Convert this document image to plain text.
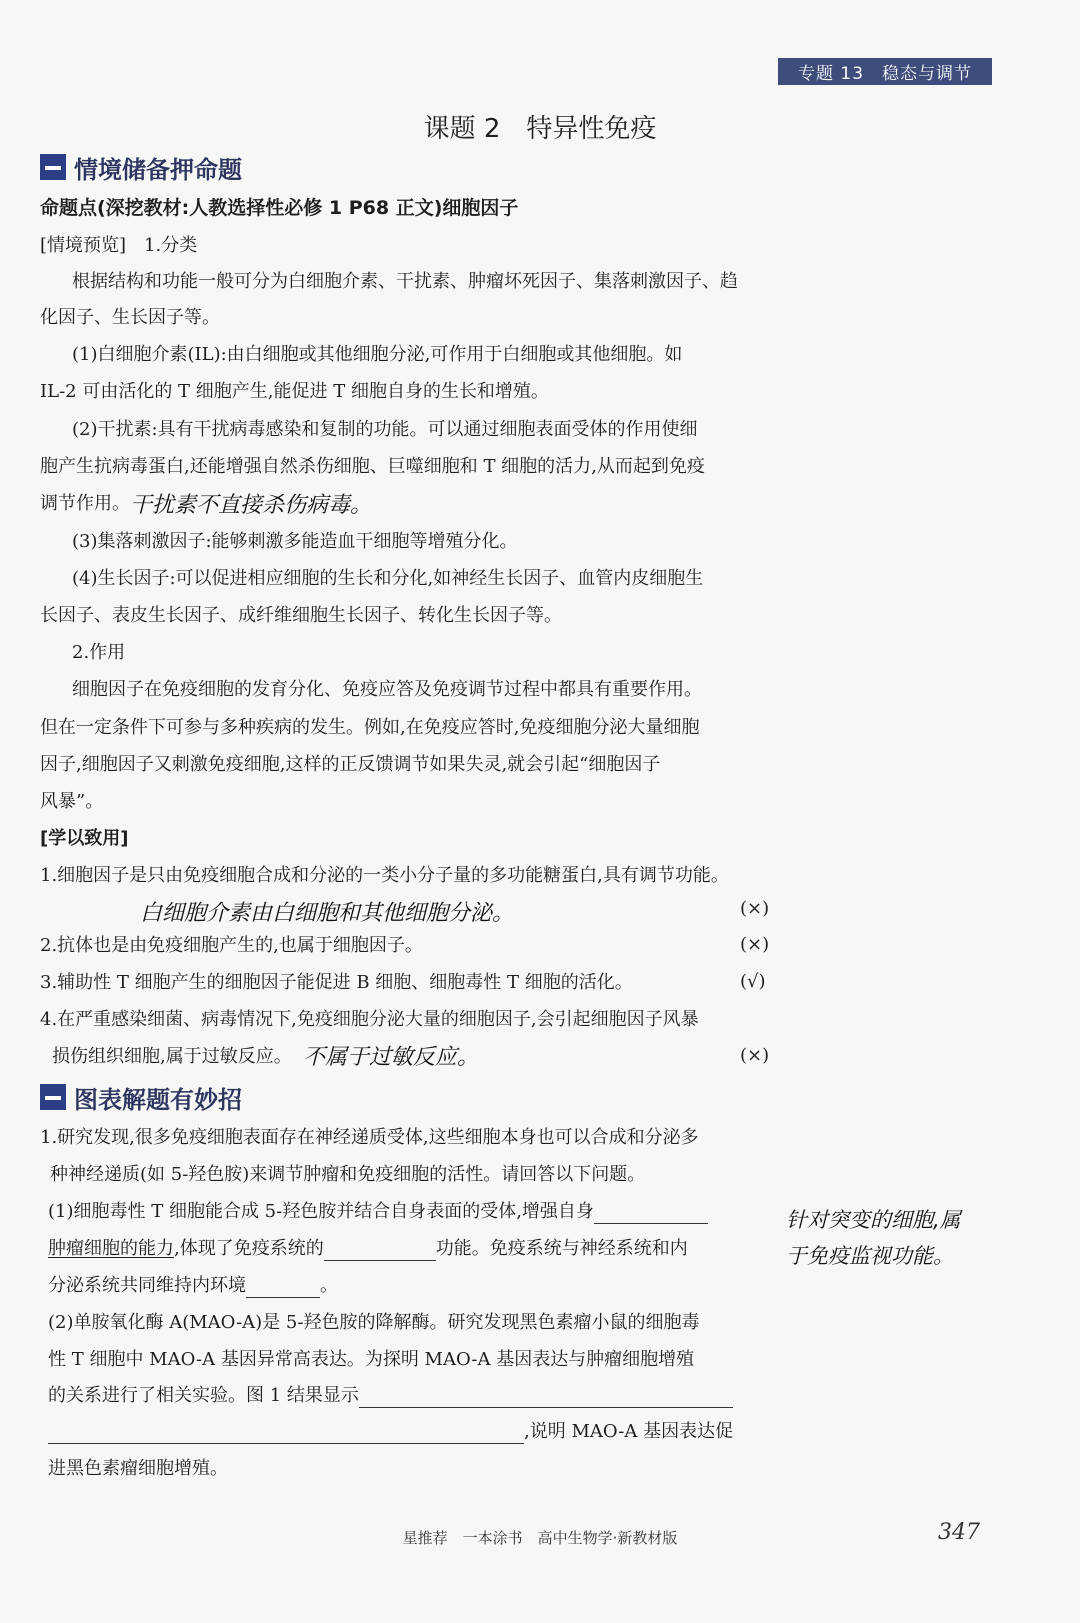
专题 13　稳态与调节
课题 2　特异性免疫
情境储备押命题
命题点(深挖教材:人教选择性必修 1 P68 正文)细胞因子
[情境预览]　1.分类
根据结构和功能一般可分为白细胞介素、干扰素、肿瘤坏死因子、集落刺激因子、趋
化因子、生长因子等。
(1)白细胞介素(IL):由白细胞或其他细胞分泌,可作用于白细胞或其他细胞。如
IL-2 可由活化的 T 细胞产生,能促进 T 细胞自身的生长和增殖。
(2)干扰素:具有干扰病毒感染和复制的功能。可以通过细胞表面受体的作用使细
胞产生抗病毒蛋白,还能增强自然杀伤细胞、巨噬细胞和 T 细胞的活力,从而起到免疫
调节作用。 干扰素不直接杀伤病毒。
(3)集落刺激因子:能够刺激多能造血干细胞等增殖分化。
(4)生长因子:可以促进相应细胞的生长和分化,如神经生长因子、血管内皮细胞生
长因子、表皮生长因子、成纤维细胞生长因子、转化生长因子等。
2.作用
细胞因子在免疫细胞的发育分化、免疫应答及免疫调节过程中都具有重要作用。
但在一定条件下可参与多种疾病的发生。例如,在免疫应答时,免疫细胞分泌大量细胞
因子,细胞因子又刺激免疫细胞,这样的正反馈调节如果失灵,就会引起“细胞因子
风暴”。
[学以致用]
1.细胞因子是只由免疫细胞合成和分泌的一类小分子量的多功能糖蛋白,具有调节功能。
白细胞介素由白细胞和其他细胞分泌。	(×)
2.抗体也是由免疫细胞产生的,也属于细胞因子。	(×)
3.辅助性 T 细胞产生的细胞因子能促进 B 细胞、细胞毒性 T 细胞的活化。	(√)
4.在严重感染细菌、病毒情况下,免疫细胞分泌大量的细胞因子,会引起细胞因子风暴
损伤组织细胞,属于过敏反应。 不属于过敏反应。	(×)
图表解题有妙招
1.研究发现,很多免疫细胞表面存在神经递质受体,这些细胞本身也可以合成和分泌多
种神经递质(如 5-羟色胺)来调节肿瘤和免疫细胞的活性。请回答以下问题。
(1)细胞毒性 T 细胞能合成 5-羟色胺并结合自身表面的受体,增强自身
肿瘤细胞的能力,体现了免疫系统的	功能。免疫系统与神经系统和内
分泌系统共同维持内环境	。
针对突变的细胞,属
于免疫监视功能。
(2)单胺氧化酶 A(MAO-A)是 5-羟色胺的降解酶。研究发现黑色素瘤小鼠的细胞毒
性 T 细胞中 MAO-A 基因异常高表达。为探明 MAO-A 基因表达与肿瘤细胞增殖
的关系进行了相关实验。图 1 结果显示
,说明 MAO-A 基因表达促
进黑色素瘤细胞增殖。
星推荐　一本涂书　高中生物学·新教材版	347
